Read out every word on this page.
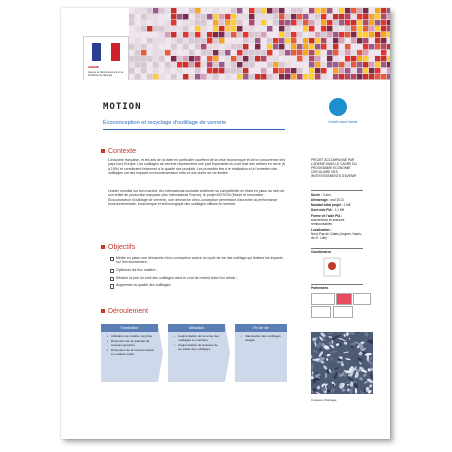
ADEME
Agence de l'Environnement et de la Maîtrise de l'Energie
MOTION
Écoconception et recyclage d'outillage de verrerie	Investir dans l'avenir
Contexte
L'industrie française, et les arts de la table en particulier souffrent de la crise économique et de la concurrence des pays hors Europe. Les outillages de verrerie représentent une part importante du coût final des articles en verre (5 à 15%) et contribuent fortement à le qualité des produits. Les procédés liés à le réalisation et à l'entretien des outillages ont des impacts environnementaux forts et une durée de vie limitée.
Leader mondial sur son marché, Arc International souhaite améliorer sa compétitivité en étant en place au sein de son entité de production française (Arc International France), le projet MOTION (Moule et Innovation - Écoconception d'outillage de verrerie), une démarche d'éco-conception permettant d'accroître la performance environnementale, économique et technologique des outillages utilisés en verrerie.
Objectifs
Mettre en place une démarche d'éco-conception autour du cycle de vie des outillage qui limitera les impacts sur l'environnement ;
Optimiser les flux matière ;
Réduire la part du coût des outillages dans le coût de revient total d'un article ;
Augmenter la qualité des outillages.
Déroulement
Fabrication
• Utilisation de matière recyclée
• Diminution de la quantité de copeaux générés
• Diminution de la consommation en matière noble
Utilisation
• Augmentation de la tenue des outillages en machine
• Augmentation de la durée de vie totale des outillages
Fin de vie
• Valorisation des outillages usagés
PROJET ACCOMPAGNÉ PAR L'ADEME DANS LE CADRE DU PROGRAMME ÉCONOMIE CIRCULAIRE DES INVESTISSEMENTS D'AVENIR
Durée : 3 ans
Démarrage : mai 2013
Montant total projet : 1 M€
Dont aide PIA : 1,1 M€
Forme de l'aide PIA :
subventions et avances remboursables
Localisation :
Nord-Pas de Calais (Arques, Hauts-de-Fr. Lille)
Coordinateur
Partenaires
Copeaux d'usinage
